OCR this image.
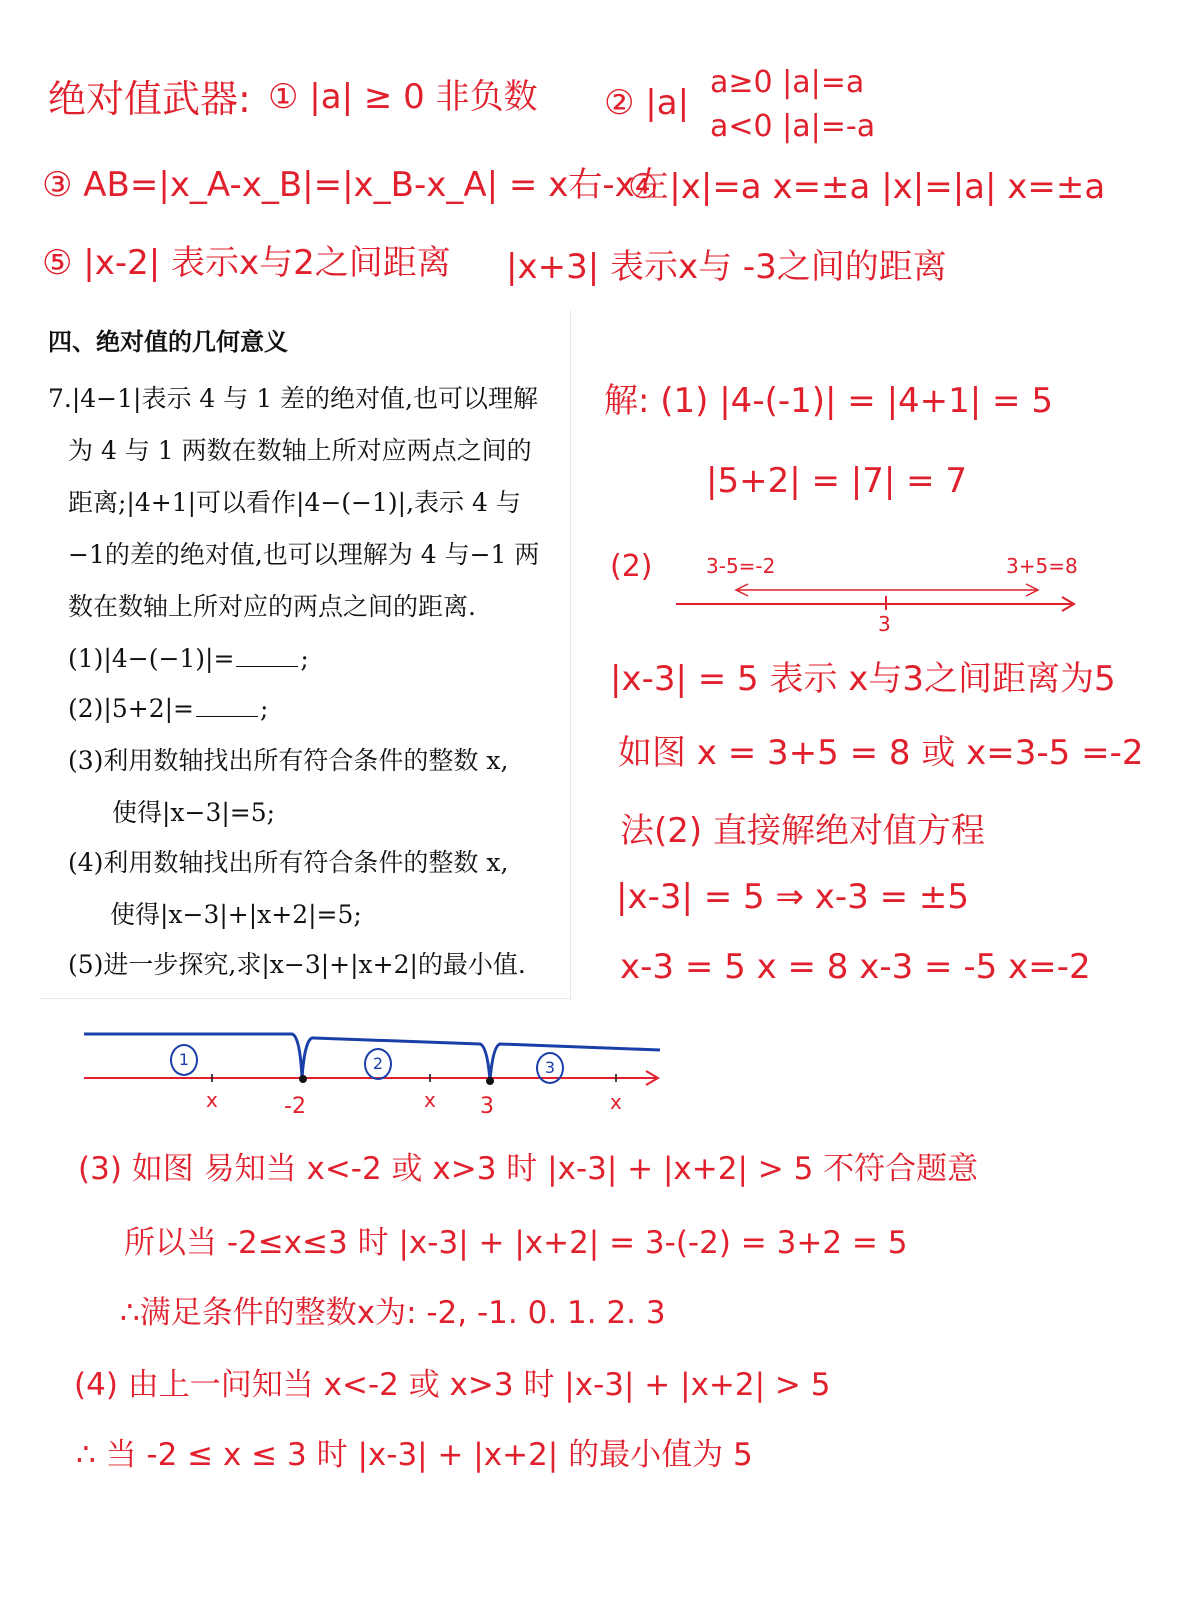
绝对值武器: ① |a| ≥ 0 非负数 ② |a|
a≥0 |a|=a
a<0 |a|=-a
③ AB=|x_A-x_B|=|x_B-x_A| = x右-x左
④ |x|=a x=±a |x|=|a| x=±a
⑤ |x-2| 表示x与2之间距离 |x+3| 表示x与 -3之间的距离
四、绝对值的几何意义
7.|4−1|表示 4 与 1 差的绝对值,也可以理解
为 4 与 1 两数在数轴上所对应两点之间的
距离;|4+1|可以看作|4−(−1)|,表示 4 与
−1的差的绝对值,也可以理解为 4 与−1 两
数在数轴上所对应的两点之间的距离.
(1)|4−(−1)|=	;
(2)|5+2|=	;
(3)利用数轴找出所有符合条件的整数 x,
使得|x−3|=5;
(4)利用数轴找出所有符合条件的整数 x,
使得|x−3|+|x+2|=5;
(5)进一步探究,求|x−3|+|x+2|的最小值.
解: (1) |4-(-1)| = |4+1| = 5
|5+2| = |7| = 7
(2)	3-5=-2	3+5=8
3
|x-3| = 5 表示 x与3之间距离为5
如图 x = 3+5 = 8 或 x=3-5 =-2
法(2) 直接解绝对值方程
|x-3| = 5 ⇒ x-3 = ±5
x-3 = 5 x = 8 x-3 = -5 x=-2
1	2	3
x	-2	x 3	x
(3) 如图 易知当 x<-2 或 x>3 时 |x-3| + |x+2| > 5 不符合题意
所以当 -2≤x≤3 时 |x-3| + |x+2| = 3-(-2) = 3+2 = 5
∴满足条件的整数x为: -2, -1. 0. 1. 2. 3
(4) 由上一问知当 x<-2 或 x>3 时 |x-3| + |x+2| > 5
∴ 当 -2 ≤ x ≤ 3 时 |x-3| + |x+2| 的最小值为 5
